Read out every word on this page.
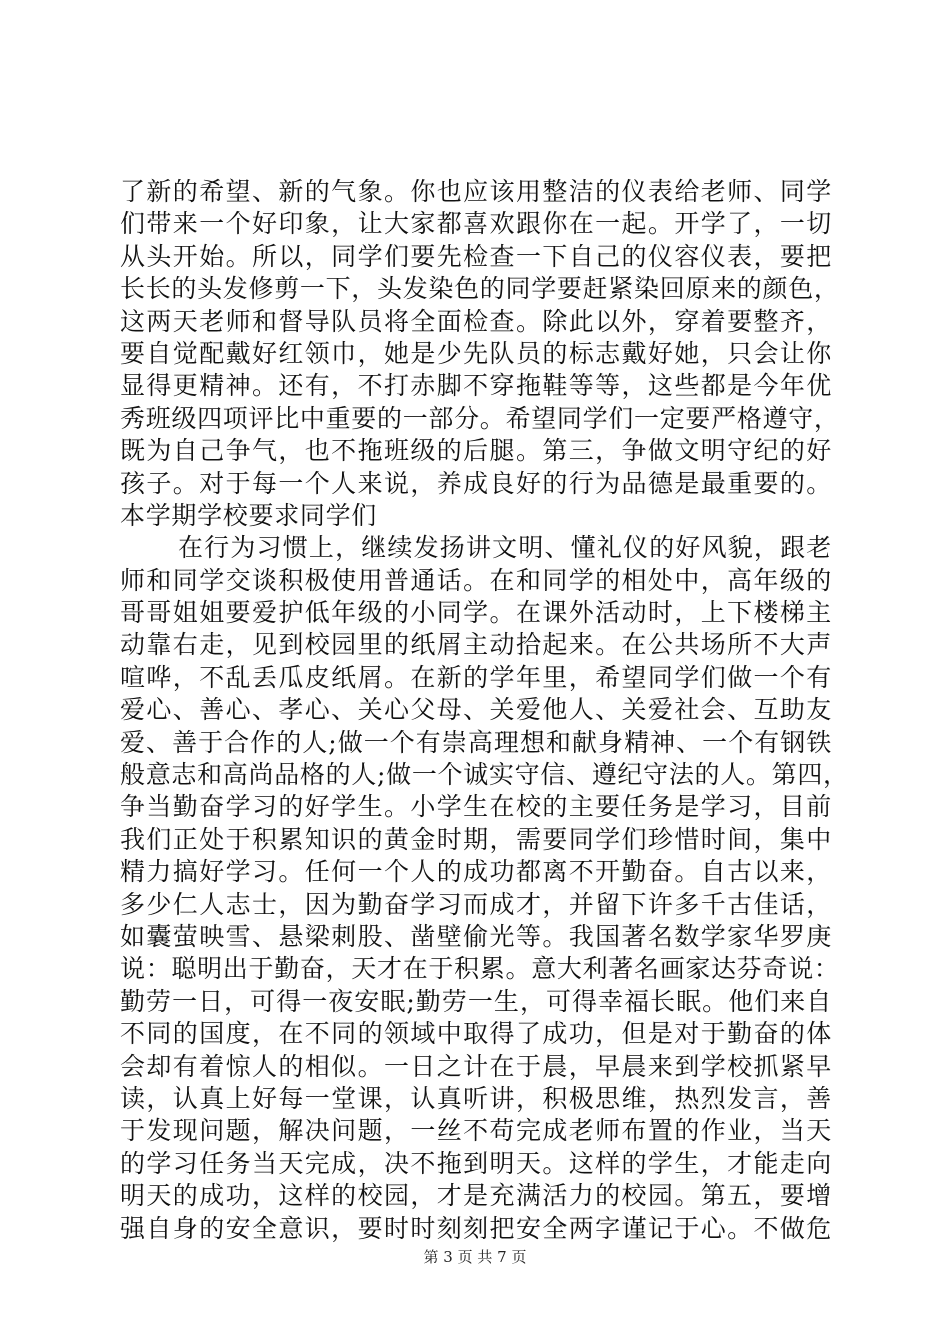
了新的希望、新的气象。你也应该用整洁的仪表给老师、同学
们带来一个好印象，让大家都喜欢跟你在一起。开学了，一切
从头开始。所以，同学们要先检查一下自己的仪容仪表，要把
长长的头发修剪一下，头发染色的同学要赶紧染回原来的颜色，
这两天老师和督导队员将全面检查。除此以外，穿着要整齐，
要自觉配戴好红领巾，她是少先队员的标志戴好她，只会让你
显得更精神。还有，不打赤脚不穿拖鞋等等，这些都是今年优
秀班级四项评比中重要的一部分。希望同学们一定要严格遵守，
既为自己争气，也不拖班级的后腿。第三，争做文明守纪的好
孩子。对于每一个人来说，养成良好的行为品德是最重要的。
本学期学校要求同学们
在行为习惯上，继续发扬讲文明、懂礼仪的好风貌，跟老
师和同学交谈积极使用普通话。在和同学的相处中，高年级的
哥哥姐姐要爱护低年级的小同学。在课外活动时，上下楼梯主
动靠右走，见到校园里的纸屑主动拾起来。在公共场所不大声
喧哗，不乱丢瓜皮纸屑。在新的学年里，希望同学们做一个有
爱心、善心、孝心、关心父母、关爱他人、关爱社会、互助友
爱、善于合作的人;做一个有崇高理想和献身精神、一个有钢铁
般意志和高尚品格的人;做一个诚实守信、遵纪守法的人。第四，
争当勤奋学习的好学生。小学生在校的主要任务是学习，目前
我们正处于积累知识的黄金时期，需要同学们珍惜时间，集中
精力搞好学习。任何一个人的成功都离不开勤奋。自古以来，
多少仁人志士，因为勤奋学习而成才，并留下许多千古佳话，
如囊萤映雪、悬梁刺股、凿壁偷光等。我国著名数学家华罗庚
说：聪明出于勤奋，天才在于积累。意大利著名画家达芬奇说：
勤劳一日，可得一夜安眠;勤劳一生，可得幸福长眠。他们来自
不同的国度，在不同的领域中取得了成功，但是对于勤奋的体
会却有着惊人的相似。一日之计在于晨，早晨来到学校抓紧早
读，认真上好每一堂课，认真听讲，积极思维，热烈发言，善
于发现问题，解决问题，一丝不苟完成老师布置的作业，当天
的学习任务当天完成，决不拖到明天。这样的学生，才能走向
明天的成功，这样的校园，才是充满活力的校园。第五，要增
强自身的安全意识，要时时刻刻把安全两字谨记于心。不做危
第 3 页 共 7 页
